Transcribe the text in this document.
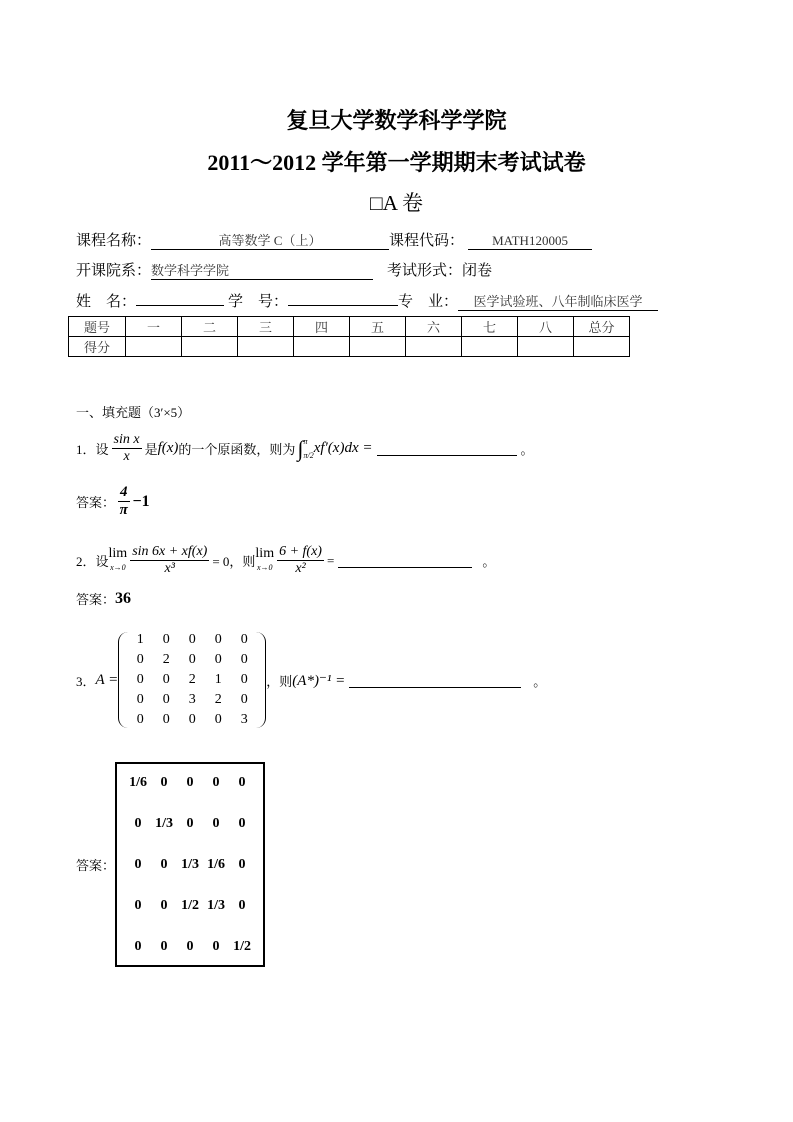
复旦大学数学科学学院
2011～2012 学年第一学期期末考试试卷
□A 卷
课程名称：	高等数学 C（上）	课程代码： MATH120005
开课院系：数学科学学院	考试形式：闭卷
姓　名：	学　号：	专　业： 医学试验班、八年制临床医学
题号	一	二	三	四	五	六	七	八	总分
得分									
一、填充题（3′×5）
1．设 $\frac{\text{sin x}}{x}$ 是 f(x) 的一个原函数，则为 ∫ π
π/2 xf′(x)dx =	。
答案： $\frac{4}{\pi} -1$
2．设
lim
$x\to 0 \frac{\sin 6x + xf(x)}{\text{x³}} = 0$，则
lim
$x\to 0 \frac{6 + f(x)}{\text{x²}}$ =	。
答案： 36
3． A =
1	0	0	0	0
0	2	0	0	0
0	0	2	1	0
0	0	3	2	0
0	0	0	0	3
，则 (A*)⁻¹ =	。
答案：
1/6 0	0	0	0
0 1/3 0	0	0
0	0 1/3 1/6 0
0	0 1/2 1/3 0
0	0	0	0 1/2
